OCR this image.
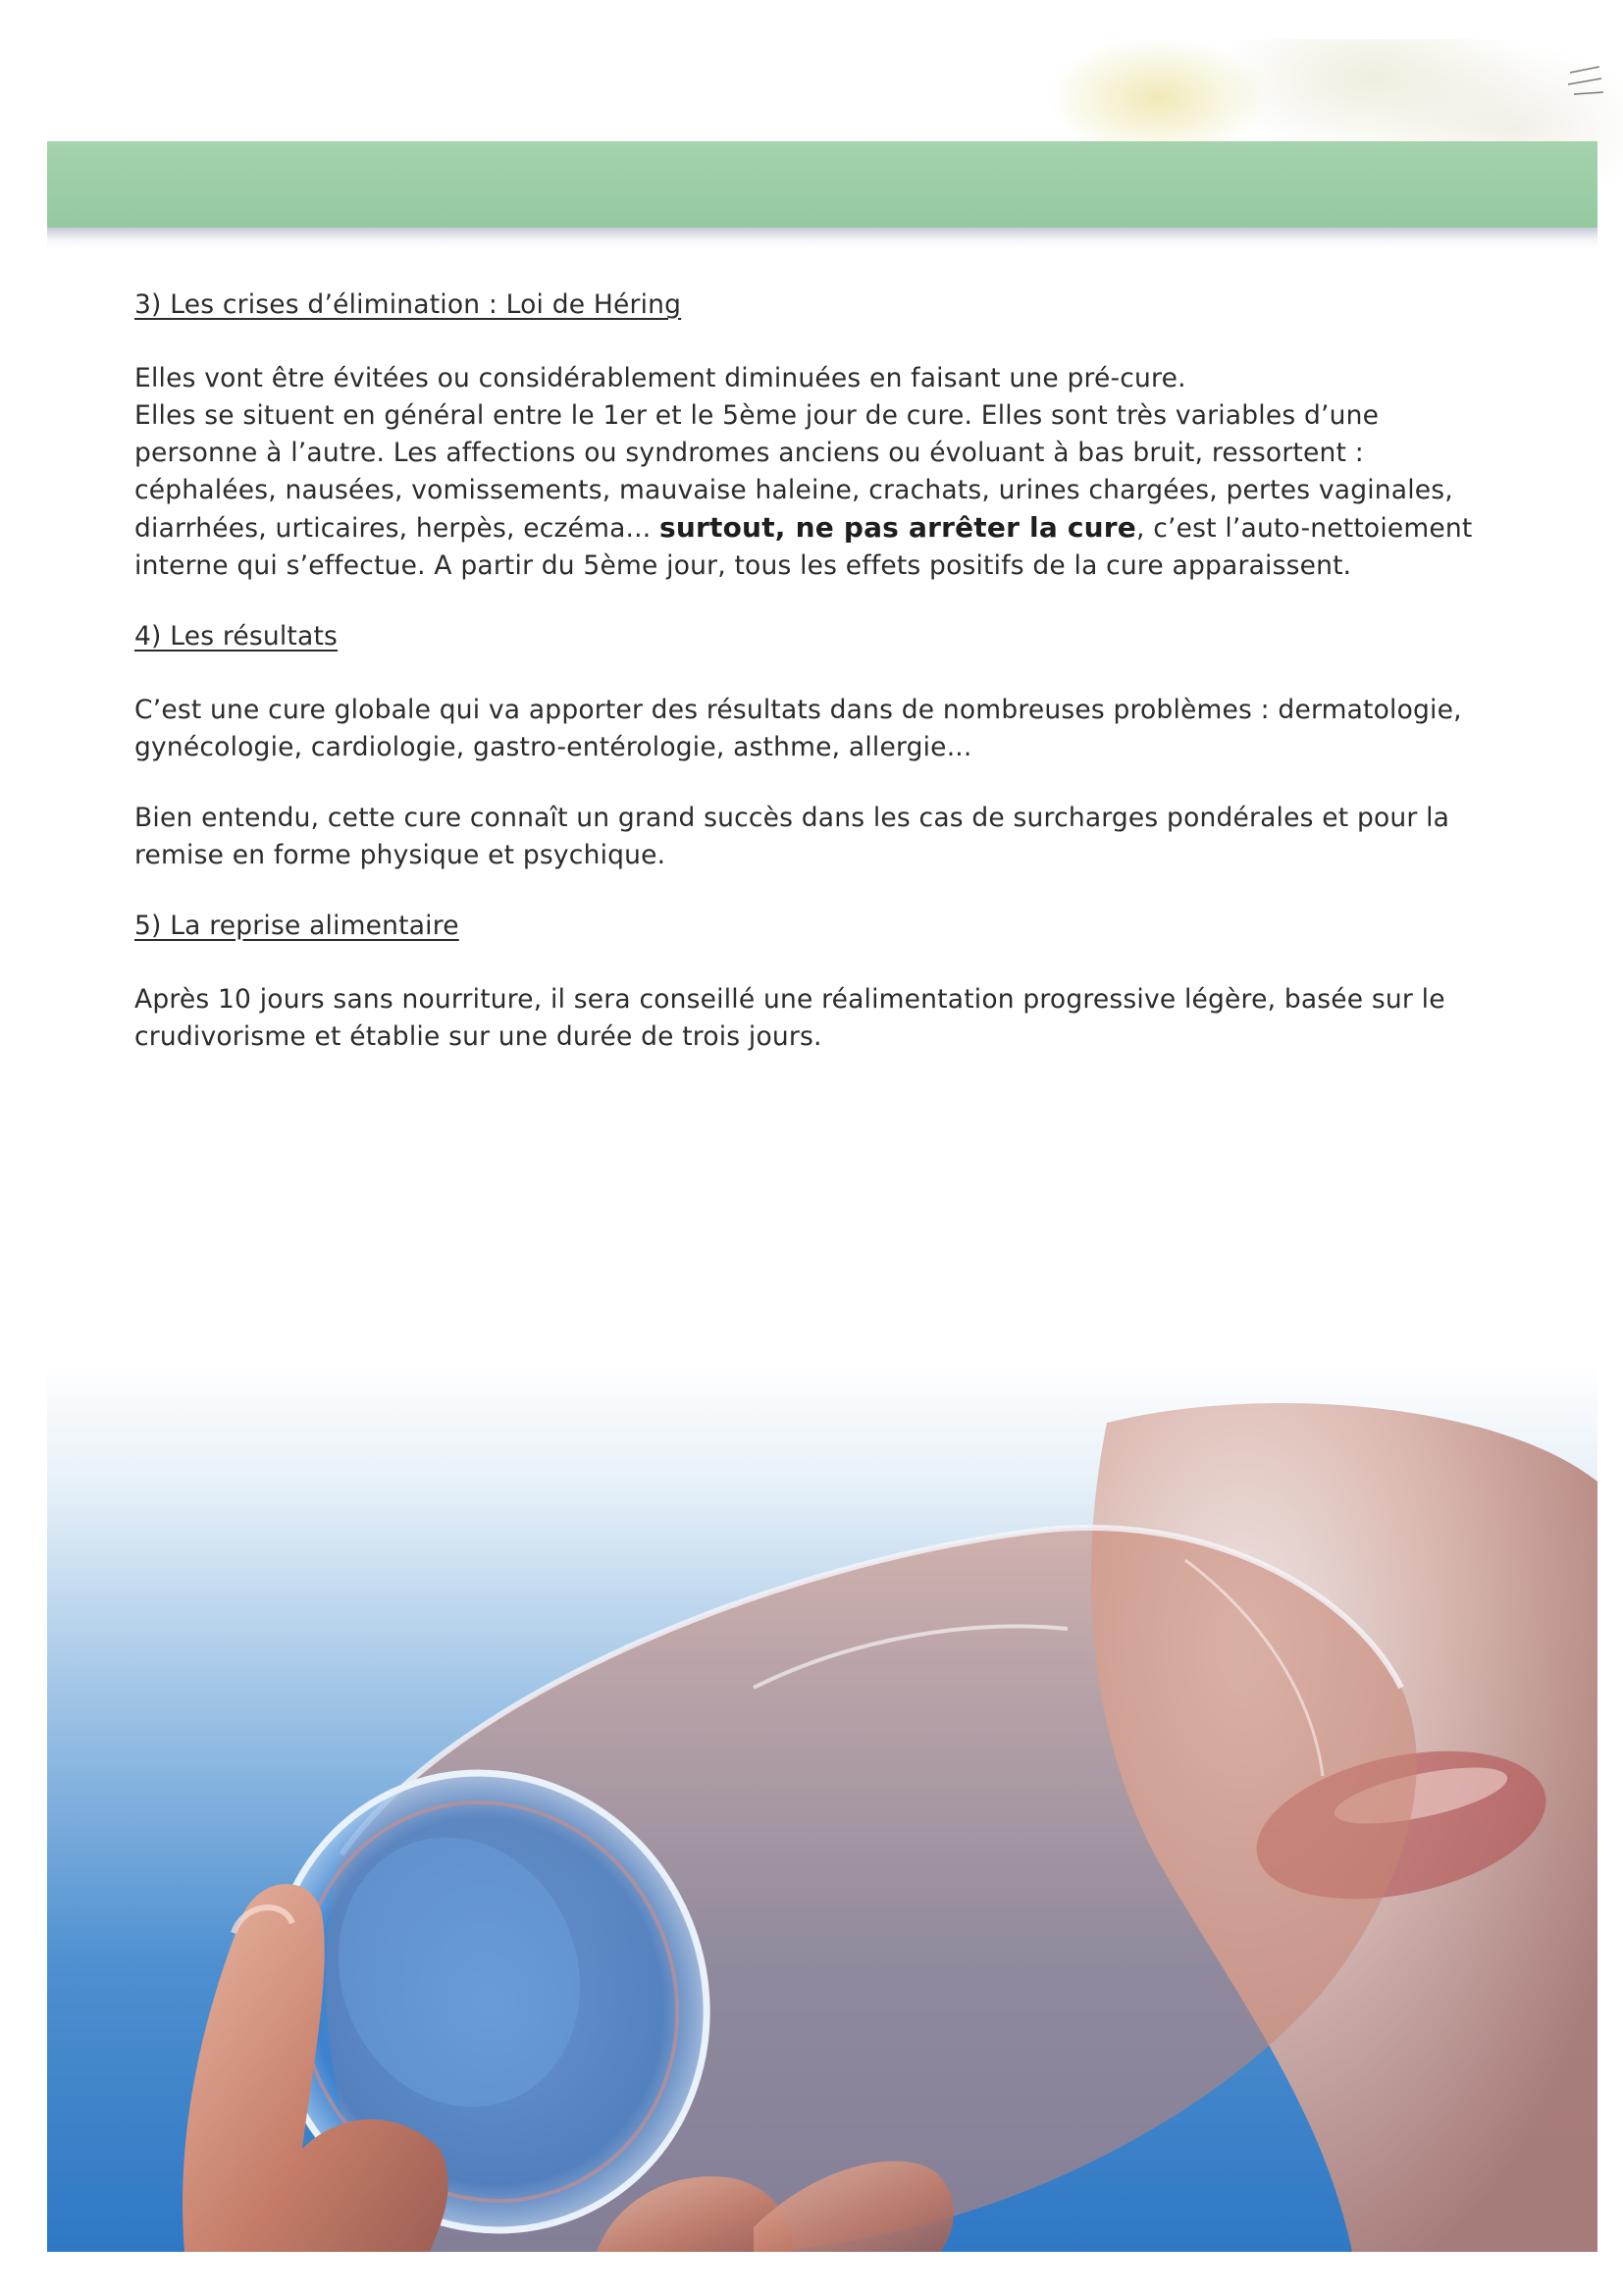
3) Les crises d’élimination : Loi de Héring

Elles vont être évitées ou considérablement diminuées en faisant une pré-cure.

Elles se situent en général entre le 1er et le 5ème jour de cure. Elles sont très variables d’une personne à l’autre. Les affections ou syndromes anciens ou évoluant à bas bruit, ressortent : céphalées, nausées, vomissements, mauvaise haleine, crachats, urines chargées, pertes vaginales, diarrhées, urticaires, herpès, eczéma... surtout, ne pas arrêter la cure, c’est l’auto-nettoiement interne qui s’effectue. A partir du 5ème jour, tous les effets positifs de la cure apparaissent.

4) Les résultats

C’est une cure globale qui va apporter des résultats dans de nombreuses problèmes : dermatologie, gynécologie, cardiologie, gastro-entérologie, asthme, allergie...

Bien entendu, cette cure connaît un grand succès dans les cas de surcharges pondérales et pour la remise en forme physique et psychique.

5) La reprise alimentaire

Après 10 jours sans nourriture, il sera conseillé une réalimentation progressive légère, basée sur le crudivorisme et établie sur une durée de trois jours.
